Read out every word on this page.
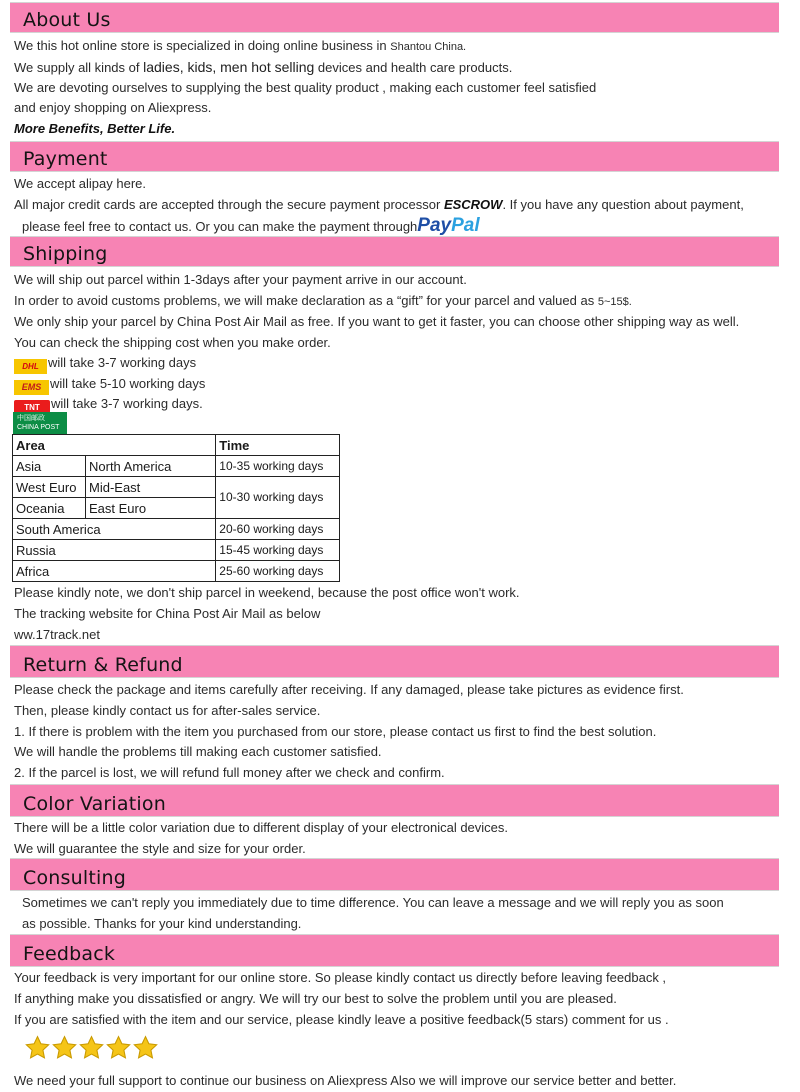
About Us
We this hot online store is specialized in doing online business in Shantou China.
We supply all kinds of ladies, kids, men hot selling devices and health care products.
We are devoting ourselves to supplying the best quality product , making each customer feel satisfied
and enjoy shopping on Aliexpress.
More Benefits, Better Life.
Payment
We accept alipay here.
All major credit cards are accepted through the secure payment processor ESCROW. If you have any question about payment,
please feel free to contact us. Or you can make the payment throughPayPal
Shipping
We will ship out parcel within 1-3days after your payment arrive in our account.
In order to avoid customs problems, we will make declaration as a “gift” for your parcel and valued as 5~15$.
We only ship your parcel by China Post Air Mail as free. If you want to get it faster, you can choose other shipping way as well.
You can check the shipping cost when you make order.
DHL will take 3-7 working days
EMS will take 5-10 working days
TNT will take 3-7 working days.
中国邮政
CHINA POST
Area		Time
Asia	North America	10-35 working days
West Euro	Mid-East	10-30 working days
Oceania	East Euro	
South America		20-60 working days
Russia		15-45 working days
Africa		25-60 working days
Please kindly note, we don't ship parcel in weekend, because the post office won't work.
The tracking website for China Post Air Mail as below
ww.17track.net
Return & Refund
Please check the package and items carefully after receiving. If any damaged, please take pictures as evidence first.
Then, please kindly contact us for after-sales service.
1. If there is problem with the item you purchased from our store, please contact us first to find the best solution.
We will handle the problems till making each customer satisfied.
2. If the parcel is lost, we will refund full money after we check and confirm.
Color Variation
There will be a little color variation due to different display of your electronical devices.
We will guarantee the style and size for your order.
Consulting
Sometimes we can't reply you immediately due to time difference. You can leave a message and we will reply you as soon
as possible. Thanks for your kind understanding.
Feedback
Your feedback is very important for our online store. So please kindly contact us directly before leaving feedback ,
If anything make you dissatisfied or angry. We will try our best to solve the problem until you are pleased.
If you are satisfied with the item and our service, please kindly leave a positive feedback(5 stars) comment for us .
We need your full support to continue our business on Aliexpress Also we will improve our service better and better.
